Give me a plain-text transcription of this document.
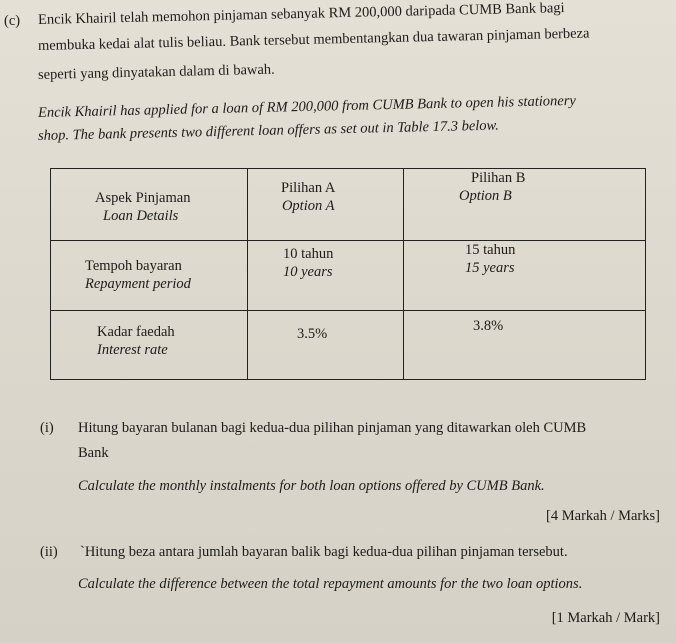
(c) Encik Khairil telah memohon pinjaman sebanyak RM 200,000 daripada CUMB Bank bagi
membuka kedai alat tulis beliau. Bank tersebut membentangkan dua tawaran pinjaman berbeza
seperti yang dinyatakan dalam di bawah.
Encik Khairil has applied for a loan of RM 200,000 from CUMB Bank to open his stationery
shop. The bank presents two different loan offers as set out in Table 17.3 below.
Aspek Pinjaman
Loan Details
Pilihan A
Option A
Pilihan B
Option B
Tempoh bayaran
Repayment period
10 tahun
10 years
15 tahun
15 years
Kadar faedah
Interest rate
3.5%	3.8%
(i) Hitung bayaran bulanan bagi kedua-dua pilihan pinjaman yang ditawarkan oleh CUMB
Bank
Calculate the monthly instalments for both loan options offered by CUMB Bank.
[4 Markah / Marks]
(ii) `Hitung beza antara jumlah bayaran balik bagi kedua-dua pilihan pinjaman tersebut.
Calculate the difference between the total repayment amounts for the two loan options.
[1 Markah / Mark]
